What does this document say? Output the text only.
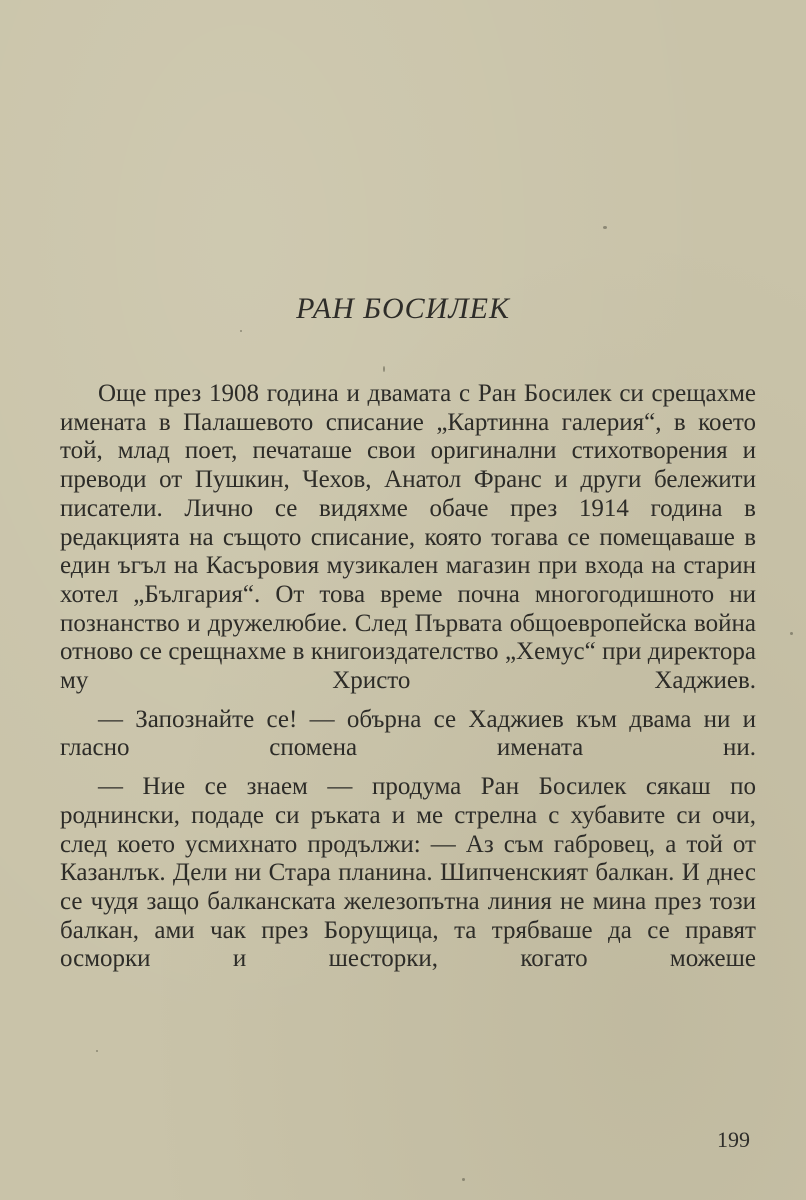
РАН БОСИЛЕК

Още през 1908 година и двамата с Ран Босилек си срещахме имената в Палашевото списание „Картинна галерия“, в което той, млад поет, печаташе свои оригинални стихотворения и преводи от Пушкин, Чехов, Анатол Франс и други бележити писатели. Лично се видяхме обаче през 1914 година в редакцията на същото списание, която тогава се помещаваше в един ъгъл на Касъровия музикален магазин при входа на старин хотел „България“. От това време почна многогодишното ни познанство и дружелюбие. След Първата общоевропейска война отново се срещнахме в книгоиздателство „Хемус“ при директора му Христо Хаджиев.

— Запознайте се! — обърна се Хаджиев към двама ни и гласно спомена имената ни.

— Ние се знаем — продума Ран Босилек сякаш по роднински, подаде си ръката и ме стрелна с хубавите си очи, след което усмихнато продължи: — Аз съм габровец, а той от Казанлък. Дели ни Стара планина. Шипченският балкан. И днес се чудя защо балканската железопътна линия не мина през този балкан, ами чак през Борущица, та трябваше да се правят осморки и шесторки, когато можеше

199
